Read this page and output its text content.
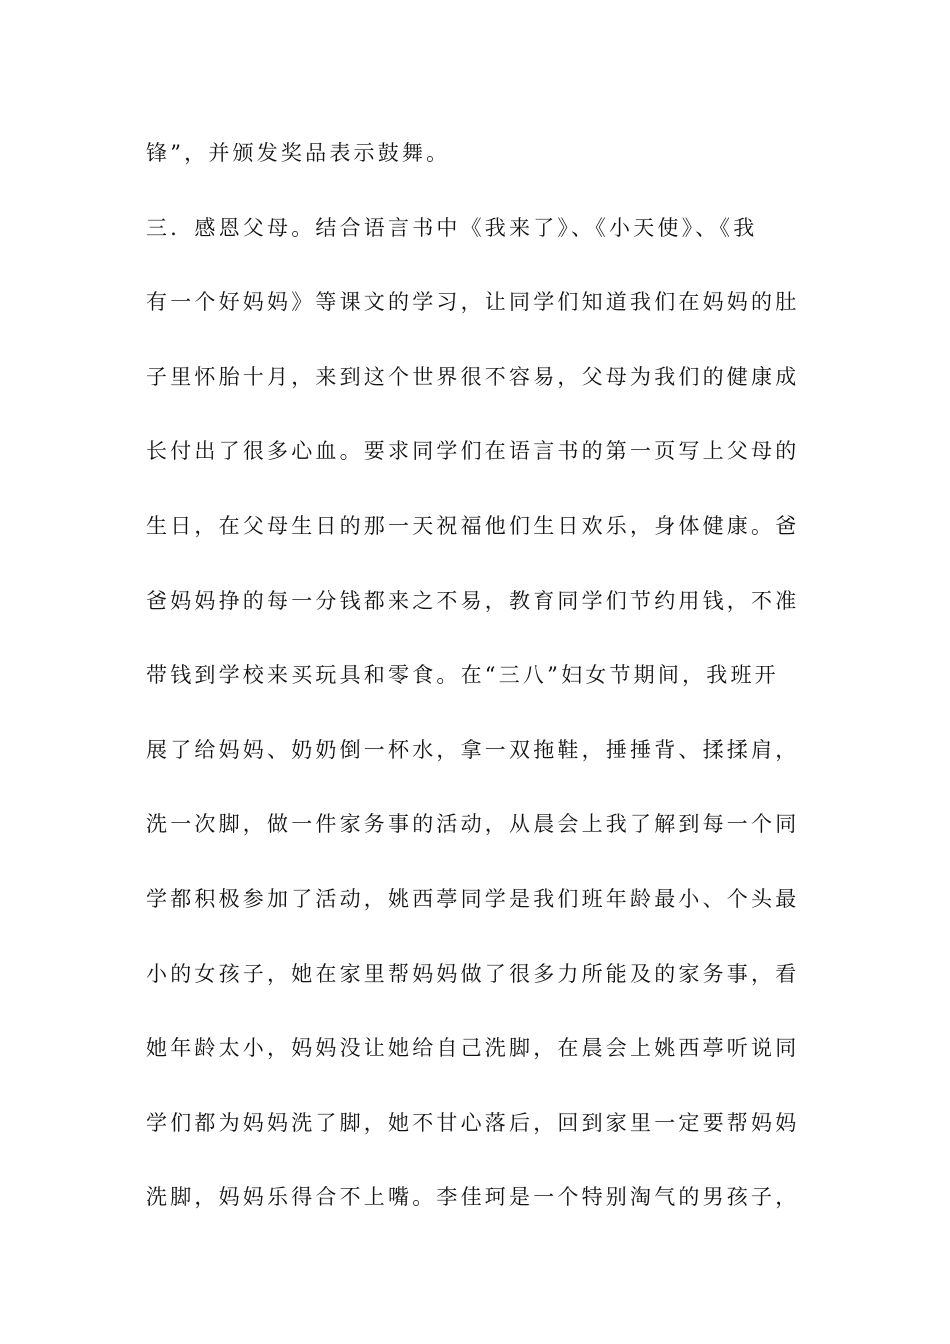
锋”，并颁发奖品表示鼓舞。
三．感恩父母。结合语言书中《我来了》、《小天使》、《我
有一个好妈妈》等课文的学习，让同学们知道我们在妈妈的肚
子里怀胎十月，来到这个世界很不容易，父母为我们的健康成
长付出了很多心血。要求同学们在语言书的第一页写上父母的
生日，在父母生日的那一天祝福他们生日欢乐，身体健康。爸
爸妈妈挣的每一分钱都来之不易，教育同学们节约用钱，不准
带钱到学校来买玩具和零食。在“三八”妇女节期间，我班开
展了给妈妈、奶奶倒一杯水，拿一双拖鞋，捶捶背、揉揉肩，
洗一次脚，做一件家务事的活动，从晨会上我了解到每一个同
学都积极参加了活动，姚西葶同学是我们班年龄最小、个头最
小的女孩子，她在家里帮妈妈做了很多力所能及的家务事，看
她年龄太小，妈妈没让她给自己洗脚，在晨会上姚西葶听说同
学们都为妈妈洗了脚，她不甘心落后，回到家里一定要帮妈妈
洗脚，妈妈乐得合不上嘴。李佳珂是一个特别淘气的男孩子，
